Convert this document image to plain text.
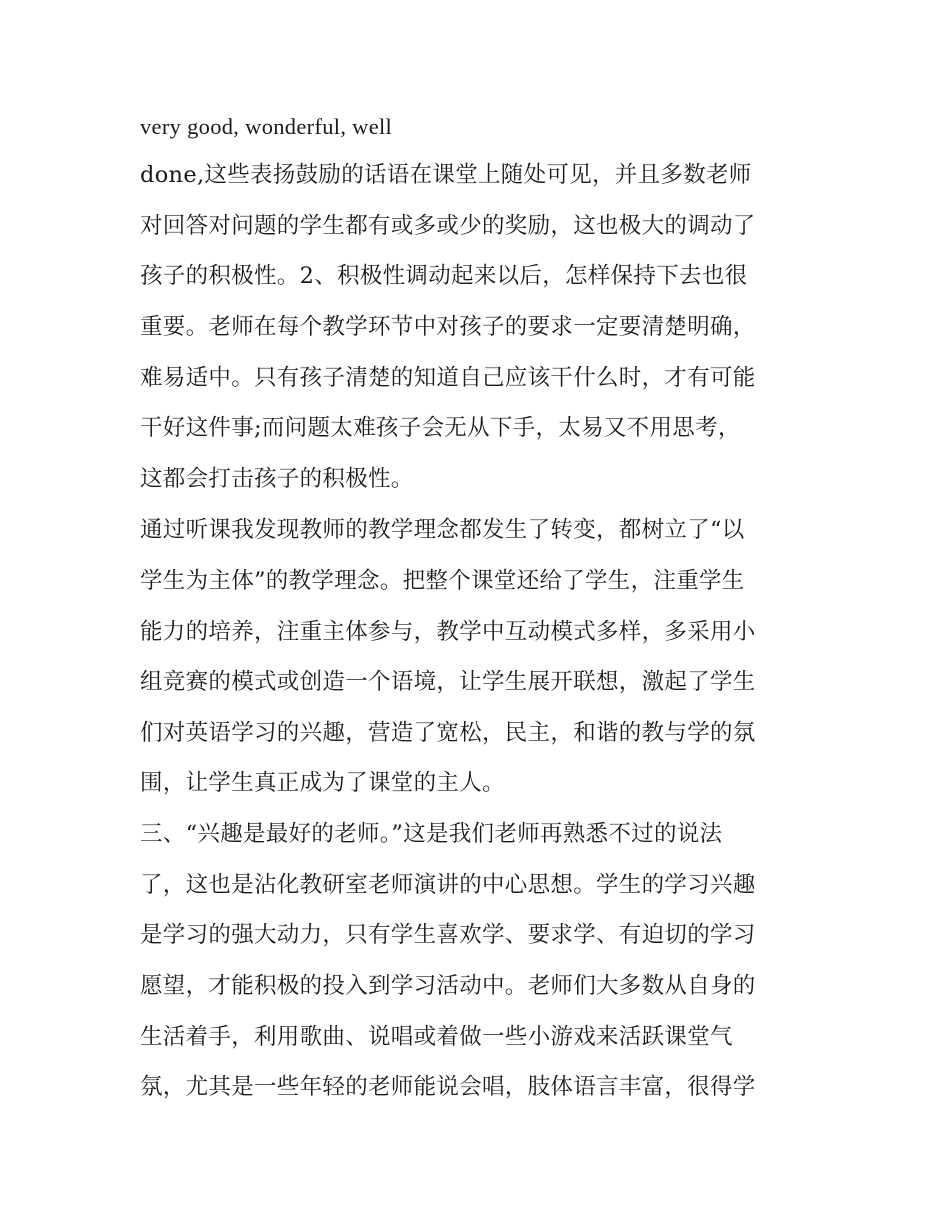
very good, wonderful, well
done,这些表扬鼓励的话语在课堂上随处可见，并且多数老师
对回答对问题的学生都有或多或少的奖励，这也极大的调动了
孩子的积极性。2、积极性调动起来以后，怎样保持下去也很
重要。老师在每个教学环节中对孩子的要求一定要清楚明确，
难易适中。只有孩子清楚的知道自己应该干什么时，才有可能
干好这件事;而问题太难孩子会无从下手，太易又不用思考，
这都会打击孩子的积极性。
通过听课我发现教师的教学理念都发生了转变，都树立了“以
学生为主体”的教学理念。把整个课堂还给了学生，注重学生
能力的培养，注重主体参与，教学中互动模式多样，多采用小
组竞赛的模式或创造一个语境，让学生展开联想，激起了学生
们对英语学习的兴趣，营造了宽松，民主，和谐的教与学的氛
围，让学生真正成为了课堂的主人。
三、“兴趣是最好的老师。”这是我们老师再熟悉不过的说法
了，这也是沾化教研室老师演讲的中心思想。学生的学习兴趣
是学习的强大动力，只有学生喜欢学、要求学、有迫切的学习
愿望，才能积极的投入到学习活动中。老师们大多数从自身的
生活着手，利用歌曲、说唱或着做一些小游戏来活跃课堂气
氛，尤其是一些年轻的老师能说会唱，肢体语言丰富，很得学
